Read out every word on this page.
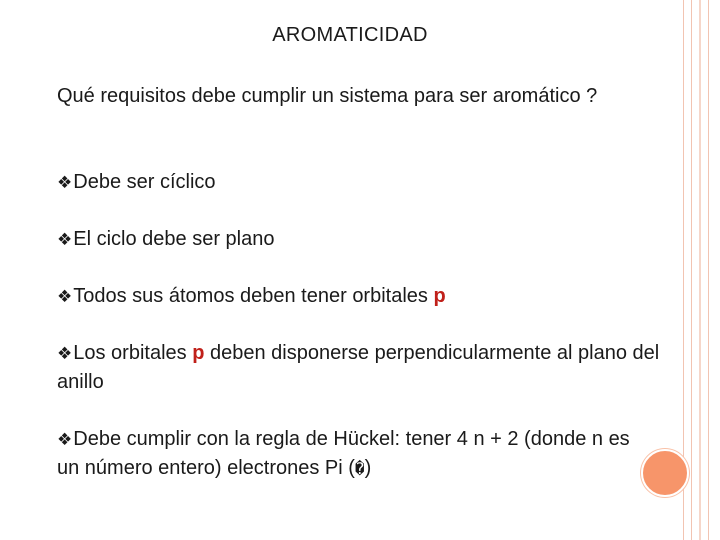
AROMATICIDAD
Qué requisitos debe cumplir un sistema para ser aromático ?
❖Debe ser cíclico
❖El ciclo debe ser plano
❖Todos sus átomos deben tener orbitales p
❖Los orbitales p deben disponerse perpendicularmente al plano del anillo
❖Debe cumplir con la regla de Hückel: tener 4 n + 2 (donde n es un número entero) electrones Pi (�)
